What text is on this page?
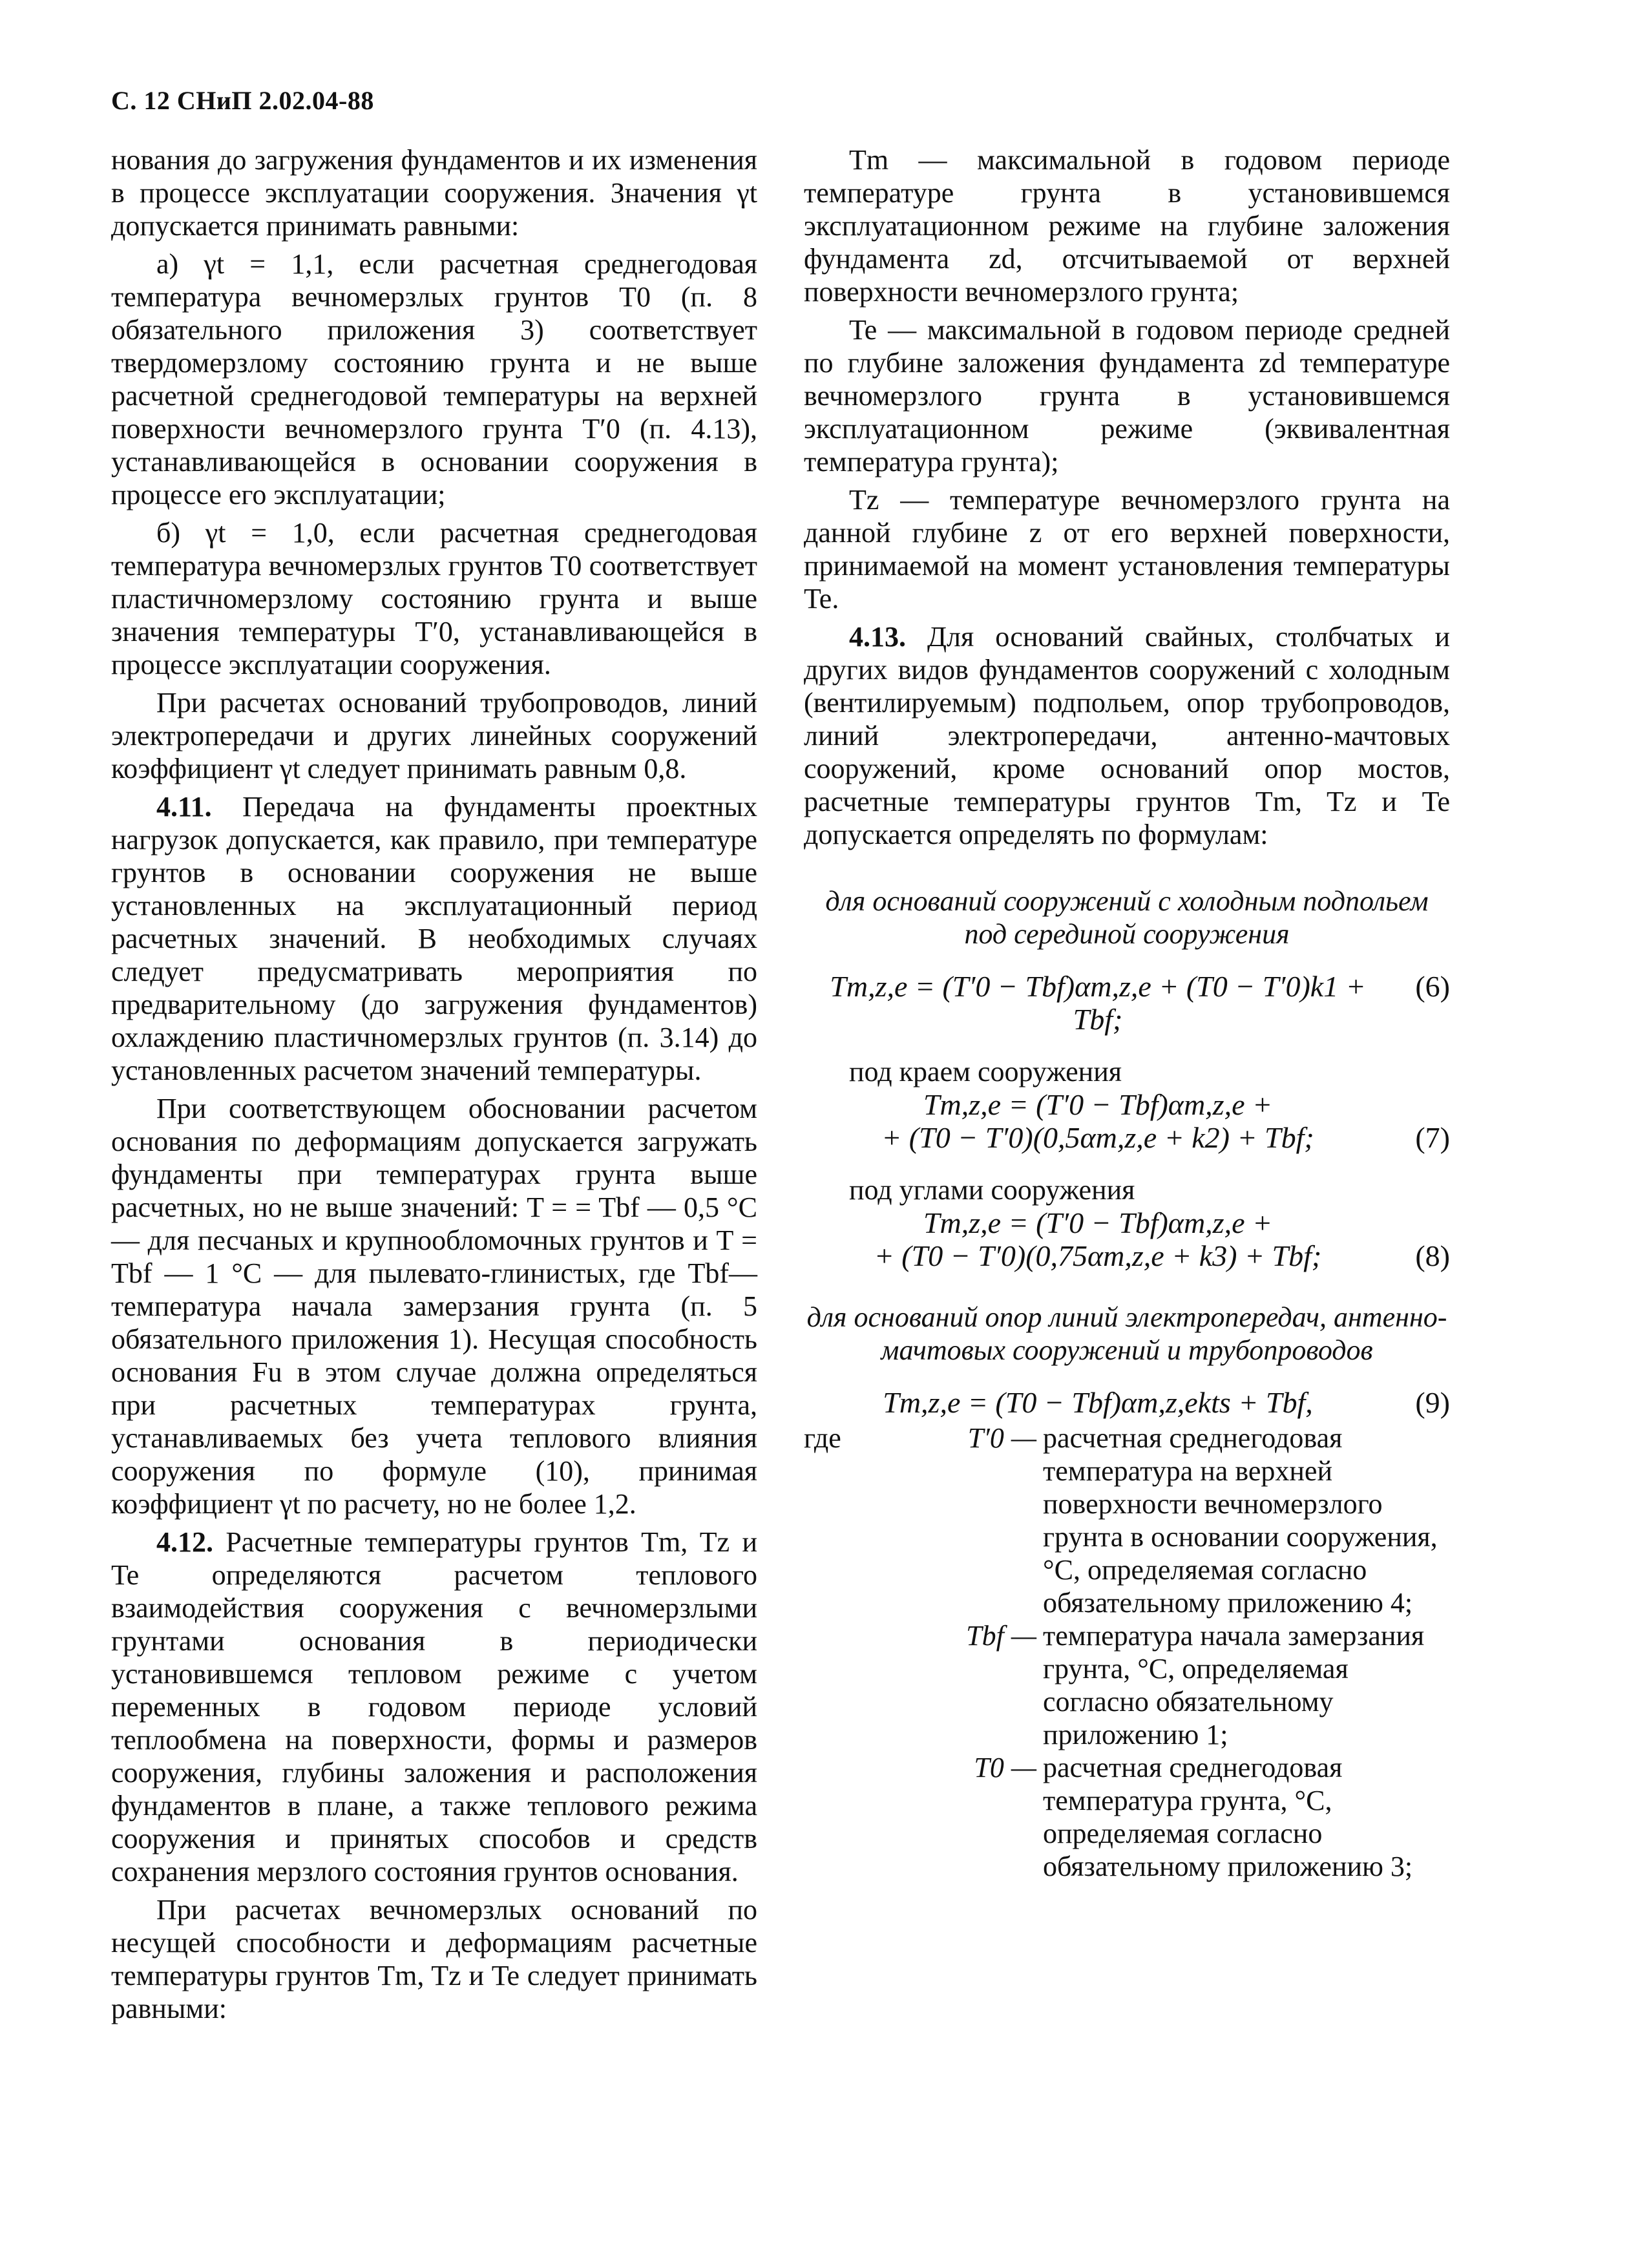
С. 12 СНиП 2.02.04-88

нования до загружения фундаментов и их изменения в процессе эксплуатации сооружения. Значения γt допускается принимать равными:

а) γt = 1,1, если расчетная среднегодовая температура вечномерзлых грунтов T0 (п. 8 обязательного приложения 3) соответствует твердомерзлому состоянию грунта и не выше расчетной среднегодовой температуры на верхней поверхности вечномерзлого грунта T′0 (п. 4.13), устанавливающейся в основании сооружения в процессе его эксплуатации;

б) γt = 1,0, если расчетная среднегодовая температура вечномерзлых грунтов T0 соответствует пластичномерзлому состоянию грунта и выше значения температуры T′0, устанавливающейся в процессе эксплуатации сооружения.

При расчетах оснований трубопроводов, линий электропередачи и других линейных сооружений коэффициент γt следует принимать равным 0,8.

4.11. Передача на фундаменты проектных нагрузок допускается, как правило, при температуре грунтов в основании сооружения не выше установленных на эксплуатационный период расчетных значений. В необходимых случаях следует предусматривать мероприятия по предварительному (до загружения фундаментов) охлаждению пластичномерзлых грунтов (п. 3.14) до установленных расчетом значений температуры.

При соответствующем обосновании расчетом основания по деформациям допускается загружать фундаменты при температурах грунта выше расчетных, но не выше значений: T = = Tbf — 0,5 °С — для песчаных и крупнообломочных грунтов и T = Tbf — 1 °С — для пылевато-глинистых, где Tbf— температура начала замерзания грунта (п. 5 обязательного приложения 1). Несущая способность основания Fu в этом случае должна определяться при расчетных температурах грунта, устанавливаемых без учета теплового влияния сооружения по формуле (10), принимая коэффициент γt по расчету, но не более 1,2.

4.12. Расчетные температуры грунтов Tm, Tz и Te определяются расчетом теплового взаимодействия сооружения с вечномерзлыми грунтами основания в периодически установившемся тепловом режиме с учетом переменных в годовом периоде условий теплообмена на поверхности, формы и размеров сооружения, глубины заложения и расположения фундаментов в плане, а также теплового режима сооружения и принятых способов и средств сохранения мерзлого состояния грунтов основания.

При расчетах вечномерзлых оснований по несущей способности и деформациям расчетные температуры грунтов Tm, Tz и Te следует принимать равными:

Tm — максимальной в годовом периоде температуре грунта в установившемся эксплуатационном режиме на глубине заложения фундамента zd, отсчитываемой от верхней поверхности вечномерзлого грунта;

Te — максимальной в годовом периоде средней по глубине заложения фундамента zd температуре вечномерзлого грунта в установившемся эксплуатационном режиме (эквивалентная температура грунта);

Tz — температуре вечномерзлого грунта на данной глубине z от его верхней поверхности, принимаемой на момент установления температуры Te.

4.13. Для оснований свайных, столбчатых и других видов фундаментов сооружений с холодным (вентилируемым) подпольем, опор трубопроводов, линий электропередачи, антенно-мачтовых сооружений, кроме оснований опор мостов, расчетные температуры грунтов Tm, Tz и Te допускается определять по формулам:

для оснований сооружений с холодным подпольем под серединой сооружения

Tm,z,e = (T′0 − Tbf)αm,z,e + (T0 − T′0)k1 + Tbf;
(6)

под краем сооружения

Tm,z,e = (T′0 − Tbf)αm,z,e +
+ (T0 − T′0)(0,5αm,z,e + k2) + Tbf;	(7)

под углами сооружения

Tm,z,e = (T′0 − Tbf)αm,z,e +
+ (T0 − T′0)(0,75αm,z,e + k3) + Tbf;	(8)

для оснований опор линий электропередач, антенно-мачтовых сооружений и трубопроводов

Tm,z,e = (T0 − Tbf)αm,z,ekts + Tbf,	(9)
где	T′0 — расчетная среднегодовая температура на верхней поверхности вечномерзлого грунта в основании сооружения, °С, определяемая согласно обязательному приложению 4;
Tbf — температура начала замерзания грунта, °С, определяемая согласно обязательному приложению 1;
T0 — расчетная среднегодовая температура грунта, °С, определяемая согласно обязательному приложению 3;
